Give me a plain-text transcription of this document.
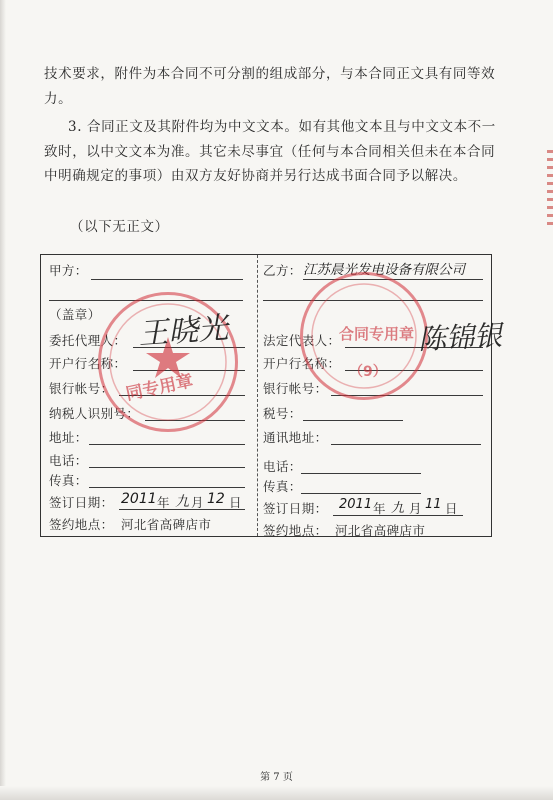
技术要求，附件为本合同不可分割的组成部分，与本合同正文具有同等效力。
3. 合同正文及其附件均为中文文本。如有其他文本且与中文文本不一致时，以中文文本为准。其它未尽事宜（任何与本合同相关但未在本合同中明确规定的事项）由双方友好协商并另行达成书面合同予以解决。
（以下无正文）
甲方：
（盖章）
委托代理人：
开户行名称：
银行帐号：
纳税人识别号：
地址：
电话：
传真：
签订日期： 2011 年 九 月 12 日
签约地点： 河北省高碑店市
乙方： 江苏晨光发电设备有限公司
法定代表人：
开户行名称：
银行帐号：
税号：
通讯地址：
电话：
传真：
签订日期： 2011 年 九 月 11 日
签约地点： 河北省高碑店市
同专用章
合同专用章
（9）
王晓光	陈锦银
第 7 页
